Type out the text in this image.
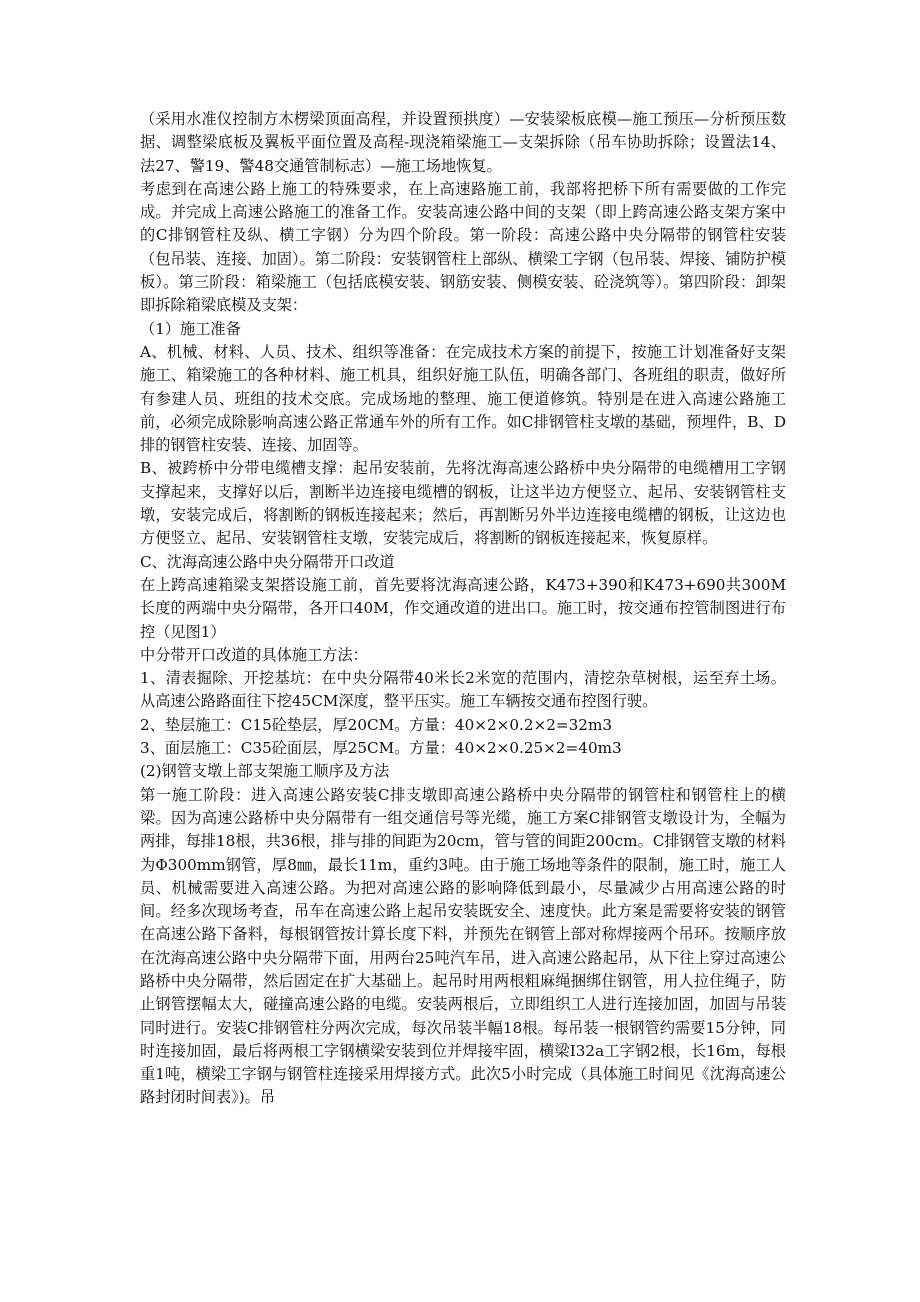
（采用水准仪控制方木楞梁顶面高程，并设置预拱度）—安装梁板底模—施工预压—分析预压数据、调整梁底板及翼板平面位置及高程-现浇箱梁施工—支架拆除（吊车协助拆除；设置法14、法27、警19、警48交通管制标志）—施工场地恢复。

考虑到在高速公路上施工的特殊要求，在上高速路施工前，我部将把桥下所有需要做的工作完成。并完成上高速公路施工的准备工作。安装高速公路中间的支架（即上跨高速公路支架方案中的C排钢管柱及纵、横工字钢）分为四个阶段。第一阶段：高速公路中央分隔带的钢管柱安装（包吊装、连接、加固）。第二阶段：安装钢管柱上部纵、横梁工字钢（包吊装、焊接、铺防护模板）。第三阶段：箱梁施工（包括底模安装、钢筋安装、侧模安装、砼浇筑等）。第四阶段：卸架即拆除箱梁底模及支架：

（1）施工准备

A、机械、材料、人员、技术、组织等准备：在完成技术方案的前提下，按施工计划准备好支架施工、箱梁施工的各种材料、施工机具，组织好施工队伍，明确各部门、各班组的职责，做好所有参建人员、班组的技术交底。完成场地的整理、施工便道修筑。特别是在进入高速公路施工前，必须完成除影响高速公路正常通车外的所有工作。如C排钢管柱支墩的基础，预埋件，B、D排的钢管柱安装、连接、加固等。

B、被跨桥中分带电缆槽支撑：起吊安装前，先将沈海高速公路桥中央分隔带的电缆槽用工字钢支撑起来，支撑好以后，割断半边连接电缆槽的钢板，让这半边方便竖立、起吊、安装钢管柱支墩，安装完成后，将割断的钢板连接起来；然后，再割断另外半边连接电缆槽的钢板，让这边也方便竖立、起吊、安装钢管柱支墩，安装完成后，将割断的钢板连接起来，恢复原样。

C、沈海高速公路中央分隔带开口改道

在上跨高速箱梁支架搭设施工前，首先要将沈海高速公路，K473+390和K473+690共300M长度的两端中央分隔带，各开口40M，作交通改道的进出口。施工时，按交通布控管制图进行布控（见图1）

中分带开口改道的具体施工方法：

1、清表掘除、开挖基坑：在中央分隔带40米长2米宽的范围内，清挖杂草树根，运至弃土场。从高速公路路面往下挖45CM深度，整平压实。施工车辆按交通布控图行驶。

2、垫层施工：C15砼垫层，厚20CM。方量：40×2×0.2×2=32m3

3、面层施工：C35砼面层，厚25CM。方量：40×2×0.25×2=40m3

(2)钢管支墩上部支架施工顺序及方法

第一施工阶段：进入高速公路安装C排支墩即高速公路桥中央分隔带的钢管柱和钢管柱上的横梁。因为高速公路桥中央分隔带有一组交通信号等光缆，施工方案C排钢管支墩设计为，全幅为两排，每排18根，共36根，排与排的间距为20cm，管与管的间距200cm。C排钢管支墩的材料为Φ300mm钢管，厚8㎜，最长11m，重约3吨。由于施工场地等条件的限制，施工时，施工人员、机械需要进入高速公路。为把对高速公路的影响降低到最小，尽量减少占用高速公路的时间。经多次现场考查，吊车在高速公路上起吊安装既安全、速度快。此方案是需要将安装的钢管在高速公路下备料，每根钢管按计算长度下料，并预先在钢管上部对称焊接两个吊环。按顺序放在沈海高速公路中央分隔带下面，用两台25吨汽车吊，进入高速公路起吊，从下往上穿过高速公路桥中央分隔带，然后固定在扩大基础上。起吊时用两根粗麻绳捆绑住钢管，用人拉住绳子，防止钢管摆幅太大，碰撞高速公路的电缆。安装两根后，立即组织工人进行连接加固，加固与吊装同时进行。安装C排钢管柱分两次完成，每次吊装半幅18根。每吊装一根钢管约需要15分钟，同时连接加固，最后将两根工字钢横梁安装到位并焊接牢固，横梁I32a工字钢2根，长16m，每根重1吨，横梁工字钢与钢管柱连接采用焊接方式。此次5小时完成（具体施工时间见《沈海高速公路封闭时间表》)。吊
